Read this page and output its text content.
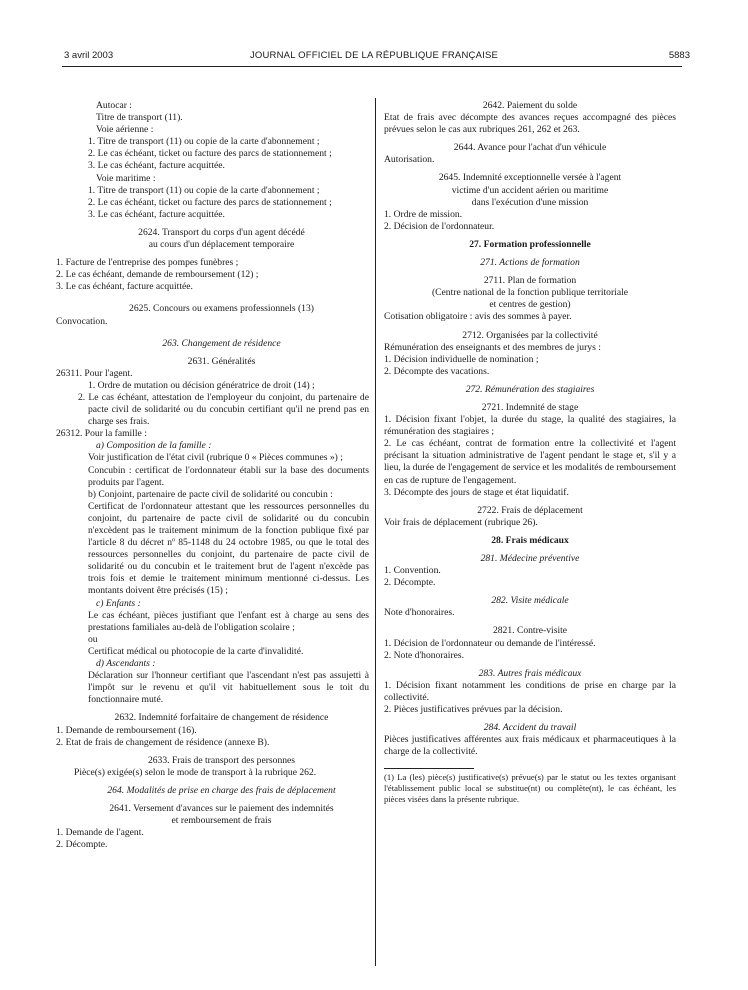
3 avril 2003	JOURNAL OFFICIEL DE LA RÉPUBLIQUE FRANÇAISE	5883

Autocar :

Titre de transport (11).

Voie aérienne :

1. Titre de transport (11) ou copie de la carte d'abonnement ;

2. Le cas échéant, ticket ou facture des parcs de stationnement ;

3. Le cas échéant, facture acquittée.

Voie maritime :

1. Titre de transport (11) ou copie de la carte d'abonnement ;

2. Le cas échéant, ticket ou facture des parcs de stationnement ;

3. Le cas échéant, facture acquittée.

2624. Transport du corps d'un agent décédé

au cours d'un déplacement temporaire

1. Facture de l'entreprise des pompes funèbres ;

2. Le cas échéant, demande de remboursement (12) ;

3. Le cas échéant, facture acquittée.

2625. Concours ou examens professionnels (13)

Convocation.

263. Changement de résidence

2631. Généralités

26311. Pour l'agent.

1. Ordre de mutation ou décision génératrice de droit (14) ;

2. Le cas échéant, attestation de l'employeur du conjoint, du partenaire de pacte civil de solidarité ou du concubin certifiant qu'il ne prend pas en charge ses frais.

26312. Pour la famille :

a) Composition de la famille :

Voir justification de l'état civil (rubrique 0 « Pièces communes ») ;

Concubin : certificat de l'ordonnateur établi sur la base des documents produits par l'agent.

b) Conjoint, partenaire de pacte civil de solidarité ou concubin :

Certificat de l'ordonnateur attestant que les ressources personnelles du conjoint, du partenaire de pacte civil de solidarité ou du concubin n'excèdent pas le traitement minimum de la fonction publique fixé par l'article 8 du décret nº 85-1148 du 24 octobre 1985, ou que le total des ressources personnelles du conjoint, du partenaire de pacte civil de solidarité ou du concubin et le traitement brut de l'agent n'excède pas trois fois et demie le traitement minimum mentionné ci-dessus. Les montants doivent être précisés (15) ;

c) Enfants :

Le cas échéant, pièces justifiant que l'enfant est à charge au sens des prestations familiales au-delà de l'obligation scolaire ;

ou

Certificat médical ou photocopie de la carte d'invalidité.

d) Ascendants :

Déclaration sur l'honneur certifiant que l'ascendant n'est pas assujetti à l'impôt sur le revenu et qu'il vit habituellement sous le toit du fonctionnaire muté.

2632. Indemnité forfaitaire de changement de résidence

1. Demande de remboursement (16).

2. Etat de frais de changement de résidence (annexe B).

2633. Frais de transport des personnes

Pièce(s) exigée(s) selon le mode de transport à la rubrique 262.

264. Modalités de prise en charge des frais de déplacement

2641. Versement d'avances sur le paiement des indemnités

et remboursement de frais

1. Demande de l'agent.

2. Décompte.

2642. Paiement du solde

Etat de frais avec décompte des avances reçues accompagné des pièces prévues selon le cas aux rubriques 261, 262 et 263.

2644. Avance pour l'achat d'un véhicule

Autorisation.

2645. Indemnité exceptionnelle versée à l'agent

victime d'un accident aérien ou maritime

dans l'exécution d'une mission

1. Ordre de mission.

2. Décision de l'ordonnateur.

27. Formation professionnelle

271. Actions de formation

2711. Plan de formation

(Centre national de la fonction publique territoriale

et centres de gestion)

Cotisation obligatoire : avis des sommes à payer.

2712. Organisées par la collectivité

Rémunération des enseignants et des membres de jurys :

1. Décision individuelle de nomination ;

2. Décompte des vacations.

272. Rémunération des stagiaires

2721. Indemnité de stage

1. Décision fixant l'objet, la durée du stage, la qualité des stagiaires, la rémunération des stagiaires ;

2. Le cas échéant, contrat de formation entre la collectivité et l'agent précisant la situation administrative de l'agent pendant le stage et, s'il y a lieu, la durée de l'engagement de service et les modalités de remboursement en cas de rupture de l'engagement.

3. Décompte des jours de stage et état liquidatif.

2722. Frais de déplacement

Voir frais de déplacement (rubrique 26).

28. Frais médicaux

281. Médecine préventive

1. Convention.

2. Décompte.

282. Visite médicale

Note d'honoraires.

2821. Contre-visite

1. Décision de l'ordonnateur ou demande de l'intéressé.

2. Note d'honoraires.

283. Autres frais médicaux

1. Décision fixant notamment les conditions de prise en charge par la collectivité.

2. Pièces justificatives prévues par la décision.

284. Accident du travail

Pièces justificatives afférentes aux frais médicaux et pharmaceutiques à la charge de la collectivité.

(1) La (les) pièce(s) justificative(s) prévue(s) par le statut ou les textes organisant l'établissement public local se substitue(nt) ou complète(nt), le cas échéant, les pièces visées dans la présente rubrique.
